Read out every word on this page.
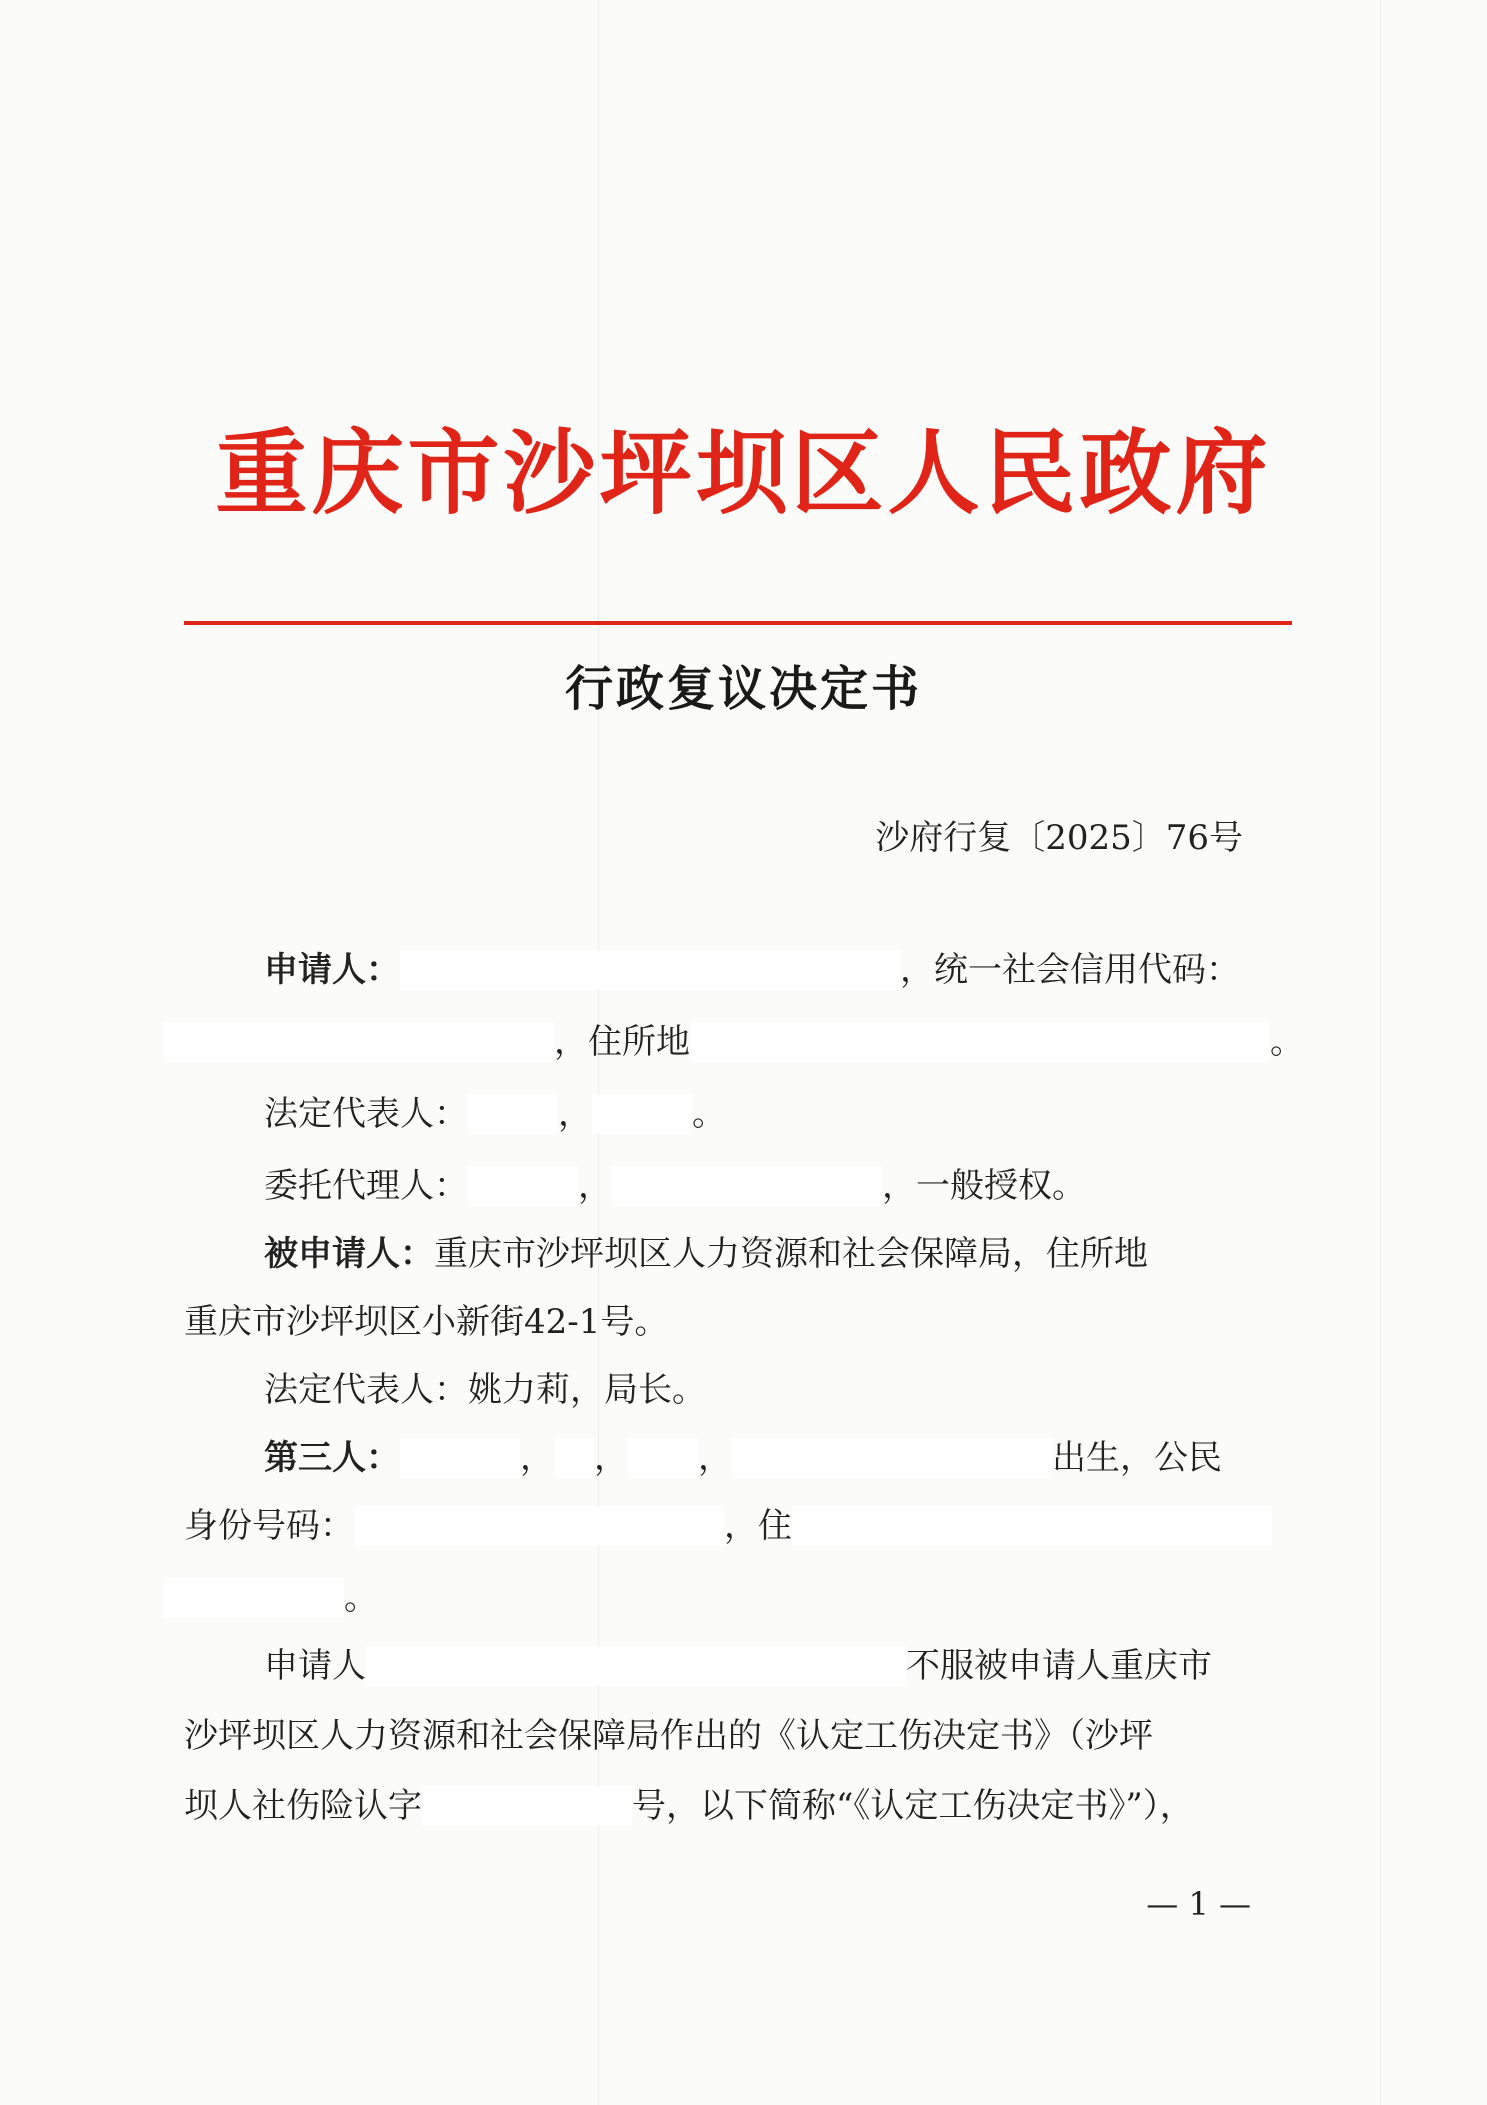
重庆市沙坪坝区人民政府
行政复议决定书
沙府行复〔2025〕76号
申请人：	，统一社会信用代码：
，住所地	。
法定代表人：	，	。
委托代理人：	，	，一般授权。
被申请人：重庆市沙坪坝区人力资源和社会保障局，住所地
重庆市沙坪坝区小新街42-1号。
法定代表人：姚力莉，局长。
第三人：	， ， ，	出生，公民
身份号码：	，住
。
申请人	不服被申请人重庆市
沙坪坝区人力资源和社会保障局作出的《认定工伤决定书》（沙坪
坝人社伤险认字	号，以下简称“《认定工伤决定书》”），
— 1 —
